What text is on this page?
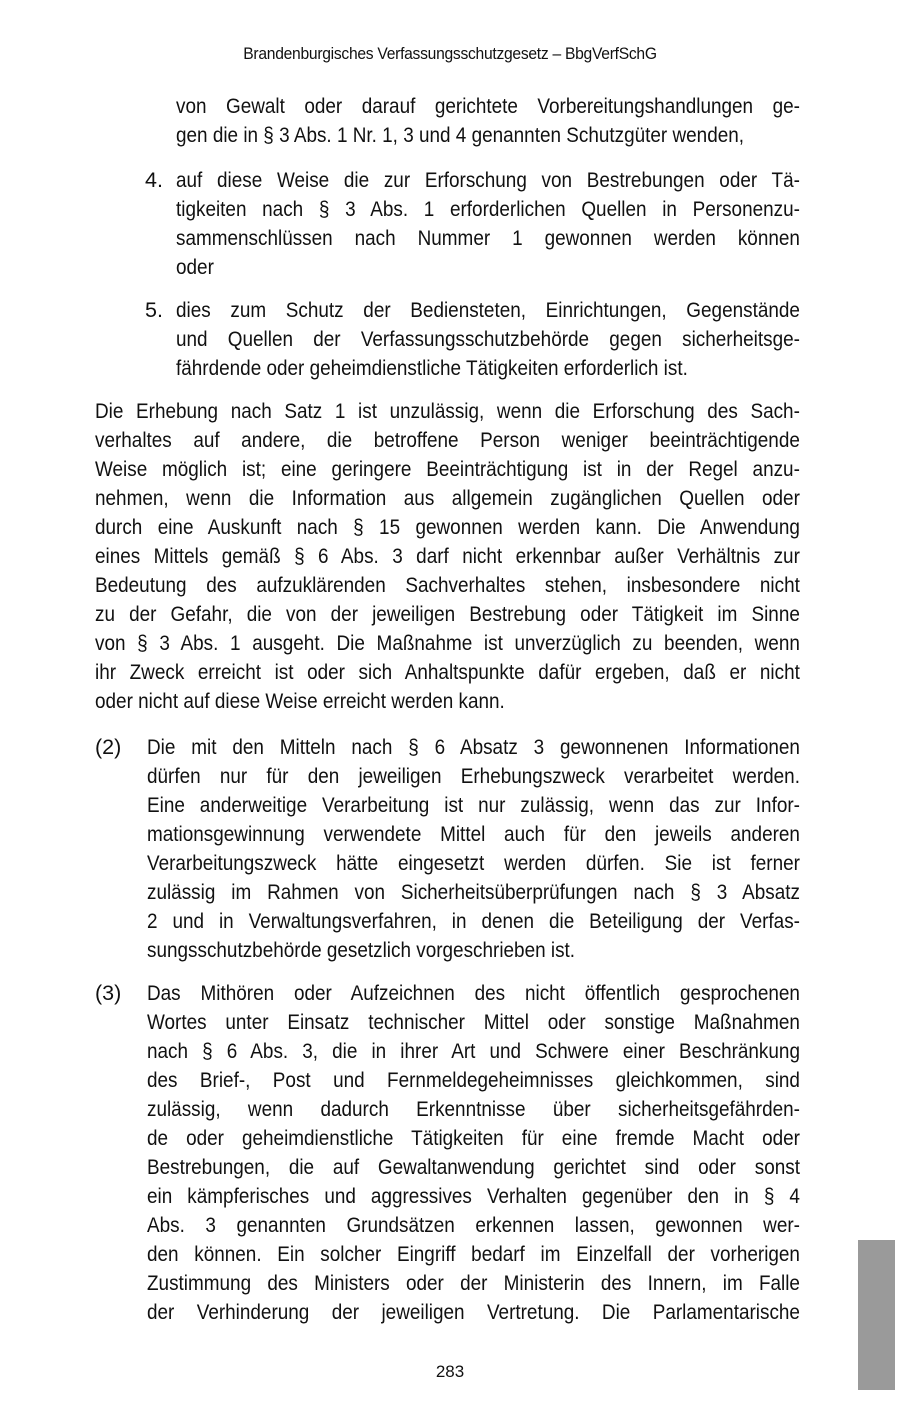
Brandenburgisches Verfassungsschutzgesetz – BbgVerfSchG
von Gewalt oder darauf gerichtete Vorbereitungshandlungen ge-
gen die in § 3 Abs. 1 Nr. 1, 3 und 4 genannten Schutzgüter wenden,
4. auf diese Weise die zur Erforschung von Bestrebungen oder Tä-
tigkeiten nach § 3 Abs. 1 erforderlichen Quellen in Personenzu-
sammenschlüssen nach Nummer 1 gewonnen werden können
oder
5. dies zum Schutz der Bediensteten, Einrichtungen, Gegenstände
und Quellen der Verfassungsschutzbehörde gegen sicherheitsge-
fährdende oder geheimdienstliche Tätigkeiten erforderlich ist.
Die Erhebung nach Satz 1 ist unzulässig, wenn die Erforschung des Sach-
verhaltes auf andere, die betroffene Person weniger beeinträchtigende
Weise möglich ist; eine geringere Beeinträchtigung ist in der Regel anzu-
nehmen, wenn die Information aus allgemein zugänglichen Quellen oder
durch eine Auskunft nach § 15 gewonnen werden kann. Die Anwendung
eines Mittels gemäß § 6 Abs. 3 darf nicht erkennbar außer Verhältnis zur
Bedeutung des aufzuklärenden Sachverhaltes stehen, insbesondere nicht
zu der Gefahr, die von der jeweiligen Bestrebung oder Tätigkeit im Sinne
von § 3 Abs. 1 ausgeht. Die Maßnahme ist unverzüglich zu beenden, wenn
ihr Zweck erreicht ist oder sich Anhaltspunkte dafür ergeben, daß er nicht
oder nicht auf diese Weise erreicht werden kann.
(2) Die mit den Mitteln nach § 6 Absatz 3 gewonnenen Informationen
dürfen nur für den jeweiligen Erhebungszweck verarbeitet werden.
Eine anderweitige Verarbeitung ist nur zulässig, wenn das zur Infor-
mationsgewinnung verwendete Mittel auch für den jeweils anderen
Verarbeitungszweck hätte eingesetzt werden dürfen. Sie ist ferner
zulässig im Rahmen von Sicherheitsüberprüfungen nach § 3 Absatz
2 und in Verwaltungsverfahren, in denen die Beteiligung der Verfas-
sungsschutzbehörde gesetzlich vorgeschrieben ist.
(3) Das Mithören oder Aufzeichnen des nicht öffentlich gesprochenen
Wortes unter Einsatz technischer Mittel oder sonstige Maßnahmen
nach § 6 Abs. 3, die in ihrer Art und Schwere einer Beschränkung
des Brief-, Post und Fernmeldegeheimnisses gleichkommen, sind
zulässig, wenn dadurch Erkenntnisse über sicherheitsgefährden-
de oder geheimdienstliche Tätigkeiten für eine fremde Macht oder
Bestrebungen, die auf Gewaltanwendung gerichtet sind oder sonst
ein kämpferisches und aggressives Verhalten gegenüber den in § 4
Abs. 3 genannten Grundsätzen erkennen lassen, gewonnen wer-
den können. Ein solcher Eingriff bedarf im Einzelfall der vorherigen
Zustimmung des Ministers oder der Ministerin des Innern, im Falle
der Verhinderung der jeweiligen Vertretung. Die Parlamentarische
283
